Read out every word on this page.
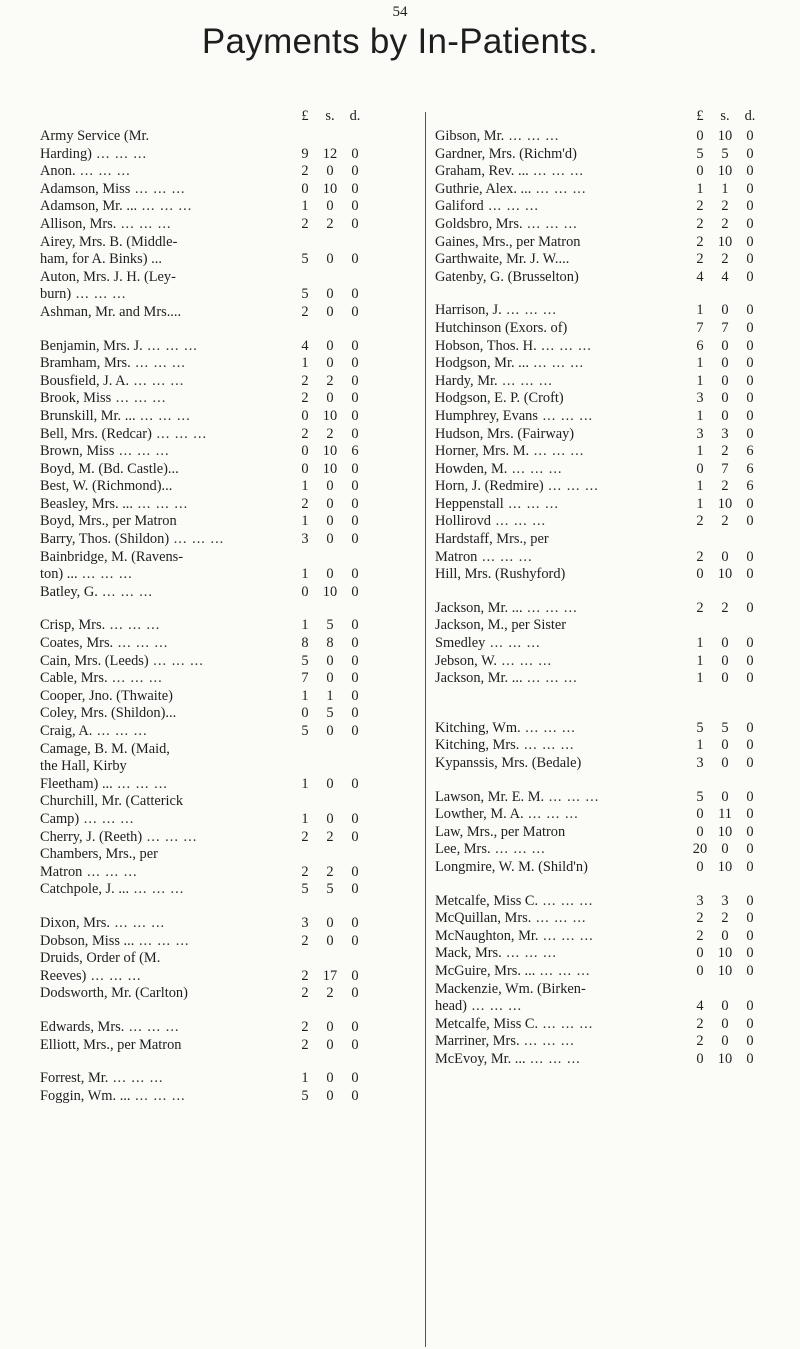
54
Payments by In-Patients.
£	s.	d.
Army Service (Mr.
Harding) ... .	9 12 0
Anon. ... .	2	0	0
Adamson, Miss ... .	0 10 0
Adamson, Mr. ... ... .	1	0	0
Allison, Mrs. ... .	2	2	0
Airey, Mrs. B. (Middle-
ham, for A. Binks) ...	5	0	0
Auton, Mrs. J. H. (Ley-
burn) ... .	5	0	0
Ashman, Mr. and Mrs....	2	0	0
Benjamin, Mrs. J. ... .	4	0	0
Bramham, Mrs. ... .	1	0	0
Bousfield, J. A. ... .	2	2	0
Brook, Miss ... .	2	0	0
Brunskill, Mr. ... ... .	0 10 0
Bell, Mrs. (Redcar) ... .	2	2	0
Brown, Miss ... .	0 10 6
Boyd, M. (Bd. Castle)...	0 10 0
Best, W. (Richmond)...	1	0	0
Beasley, Mrs. ... ... .	2	0	0
Boyd, Mrs., per Matron	1	0	0
Barry, Thos. (Shildon) ... .	3	0	0
Bainbridge, M. (Ravens-
ton) ... ... .	1	0	0
Batley, G. ... .	0 10 0
Crisp, Mrs. ... .	1	5	0
Coates, Mrs. ... .	8	8	0
Cain, Mrs. (Leeds) ... .	5	0	0
Cable, Mrs. ... .	7	0	0
Cooper, Jno. (Thwaite)	1	1	0
Coley, Mrs. (Shildon)...	0	5	0
Craig, A. ... .	5	0	0
Camage, B. M. (Maid,
the Hall, Kirby
Fleetham) ... ... .	1	0	0
Churchill, Mr. (Catterick
Camp) ... .	1	0	0
Cherry, J. (Reeth) ... .	2	2	0
Chambers, Mrs., per
Matron ... .	2	2	0
Catchpole, J. ... ... .	5	5	0
Dixon, Mrs. ... .	3	0	0
Dobson, Miss ... ... .	2	0	0
Druids, Order of (M.
Reeves) ... .	2 17 0
Dodsworth, Mr. (Carlton)	2	2	0
Edwards, Mrs. ... .	2	0	0
Elliott, Mrs., per Matron	2	0	0
Forrest, Mr. ... .	1	0	0
Foggin, Wm. ... ... .	5	0	0
£	s.	d.
Gibson, Mr. ... .	0 10 0
Gardner, Mrs. (Richm'd)	5	5	0
Graham, Rev. ... ... .	0 10 0
Guthrie, Alex. ... ... .	1	1	0
Galiford ... .	2	2	0
Goldsbro, Mrs. ... .	2	2	0
Gaines, Mrs., per Matron	2 10 0
Garthwaite, Mr. J. W....	2	2	0
Gatenby, G. (Brusselton)	4	4	0
Harrison, J. ... .	1	0	0
Hutchinson (Exors. of)	7	7	0
Hobson, Thos. H. ... .	6	0	0
Hodgson, Mr. ... ... .	1	0	0
Hardy, Mr. ... .	1	0	0
Hodgson, E. P. (Croft)	3	0	0
Humphrey, Evans ... .	1	0	0
Hudson, Mrs. (Fairway)	3	3	0
Horner, Mrs. M. ... .	1	2	6
Howden, M. ... .	0	7	6
Horn, J. (Redmire) ... .	1	2	6
Heppenstall ... .	1 10 0
Hollirovd ... .	2	2	0
Hardstaff, Mrs., per
Matron ... .	2	0	0
Hill, Mrs. (Rushyford)	0 10 0
Jackson, Mr. ... ... .	2	2	0
Jackson, M., per Sister
Smedley ... .	1	0	0
Jebson, W. ... .	1	0	0
Jackson, Mr. ... ... .	1	0	0
Kitching, Wm. ... .	5	5	0
Kitching, Mrs. ... .	1	0	0
Kypanssis, Mrs. (Bedale)	3	0	0
Lawson, Mr. E. M. ... .	5	0	0
Lowther, M. A. ... .	0	11	0
Law, Mrs., per Matron	0 10 0
Lee, Mrs. ... .	20 0	0
Longmire, W. M. (Shild'n)	0 10 0
Metcalfe, Miss C. ... .	3	3	0
McQuillan, Mrs. ... .	2	2	0
McNaughton, Mr. ... .	2	0	0
Mack, Mrs. ... .	0 10 0
McGuire, Mrs. ... ... .	0 10 0
Mackenzie, Wm. (Birken-
head) ... .	4	0	0
Metcalfe, Miss C. ... .	2	0	0
Marriner, Mrs. ... .	2	0	0
McEvoy, Mr. ... ... .	0 10 0
